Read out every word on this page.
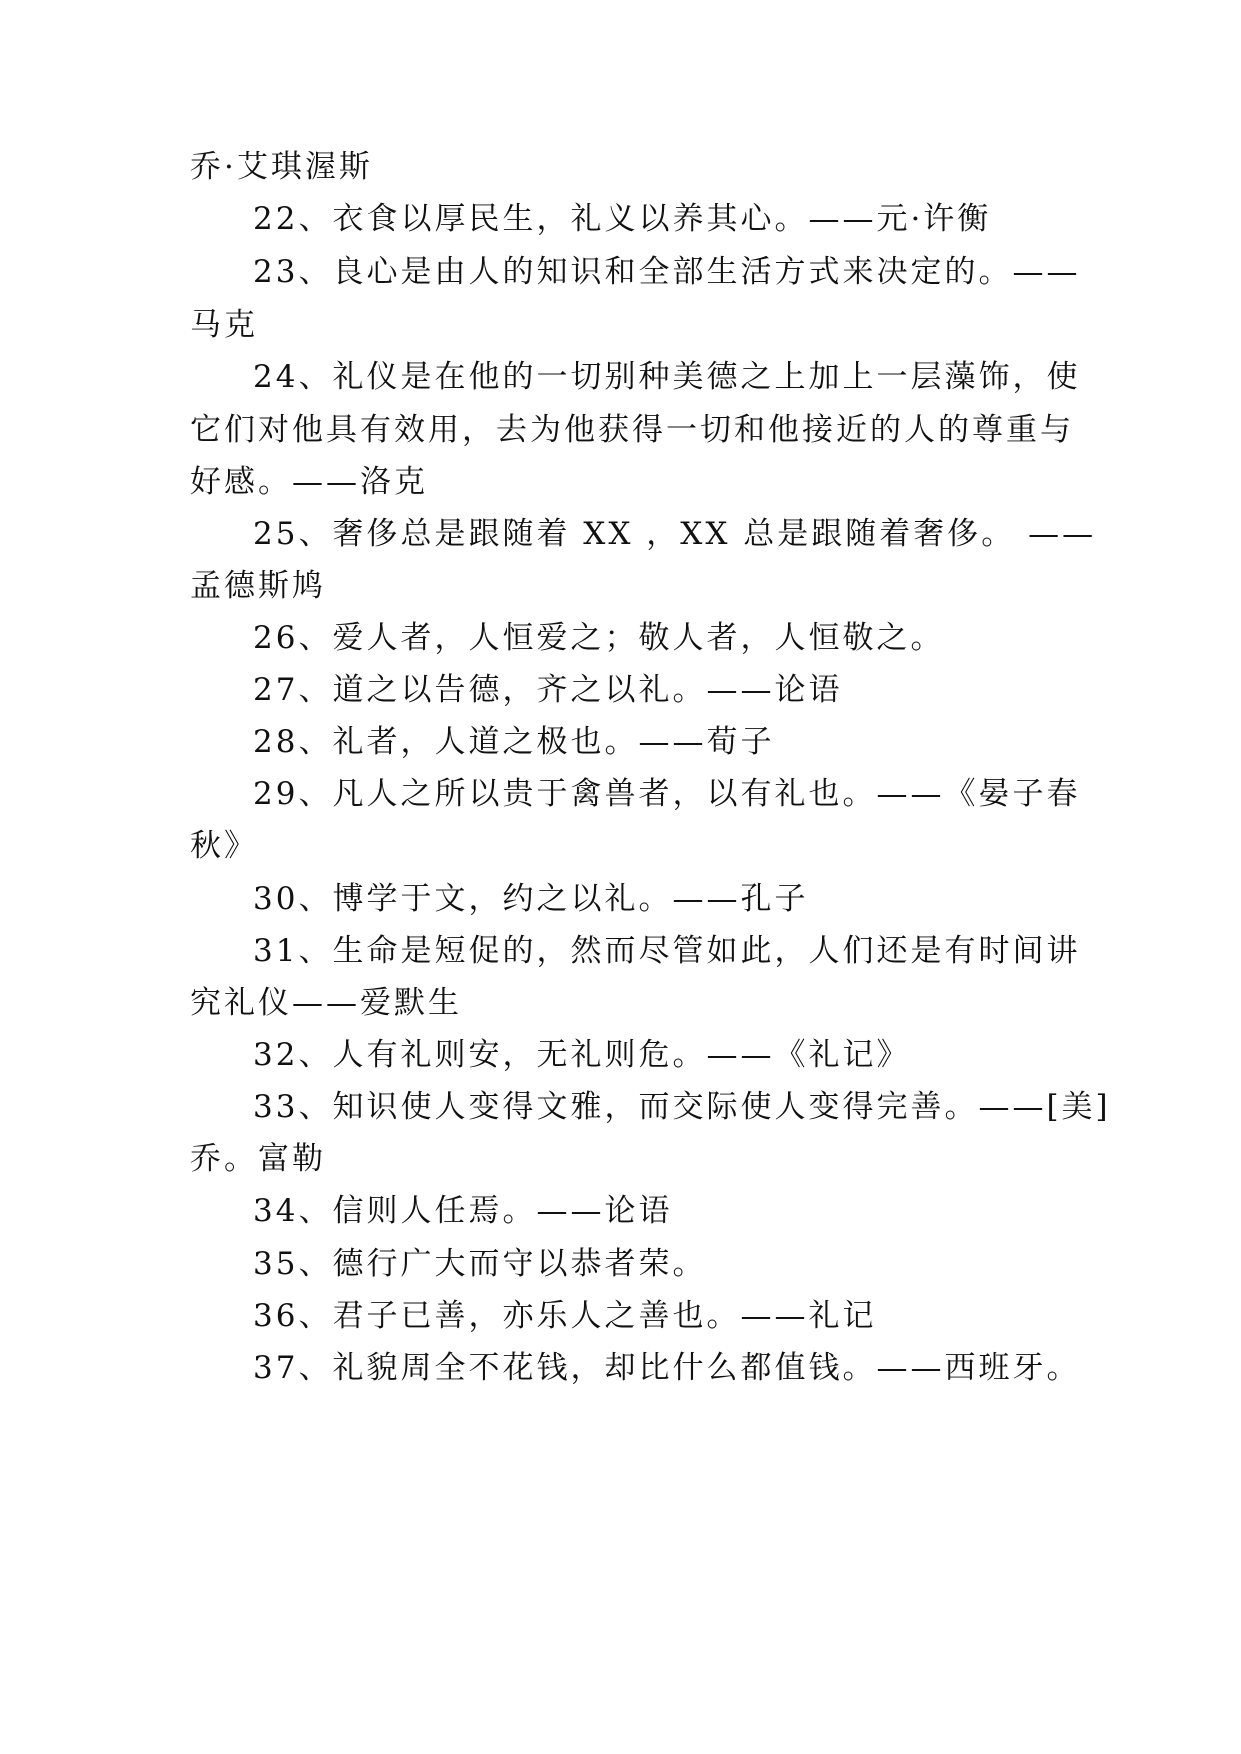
乔·艾琪渥斯

22、衣食以厚民生，礼义以养其心。——元·许衡

23、良心是由人的知识和全部生活方式来决定的。——

马克

24、礼仪是在他的一切别种美德之上加上一层藻饰，使

它们对他具有效用，去为他获得一切和他接近的人的尊重与

好感。——洛克

25、奢侈总是跟随着 XX ，XX 总是跟随着奢侈。 ——

孟德斯鸠

26、爱人者，人恒爱之；敬人者，人恒敬之。

27、道之以告德，齐之以礼。——论语

28、礼者，人道之极也。——荀子

29、凡人之所以贵于禽兽者，以有礼也。——《晏子春

秋》

30、博学于文，约之以礼。——孔子

31、生命是短促的，然而尽管如此，人们还是有时间讲

究礼仪——爱默生

32、人有礼则安，无礼则危。——《礼记》

33、知识使人变得文雅，而交际使人变得完善。——[美]

乔。富勒

34、信则人任焉。——论语

35、德行广大而守以恭者荣。

36、君子已善，亦乐人之善也。——礼记

37、礼貌周全不花钱，却比什么都值钱。——西班牙。
